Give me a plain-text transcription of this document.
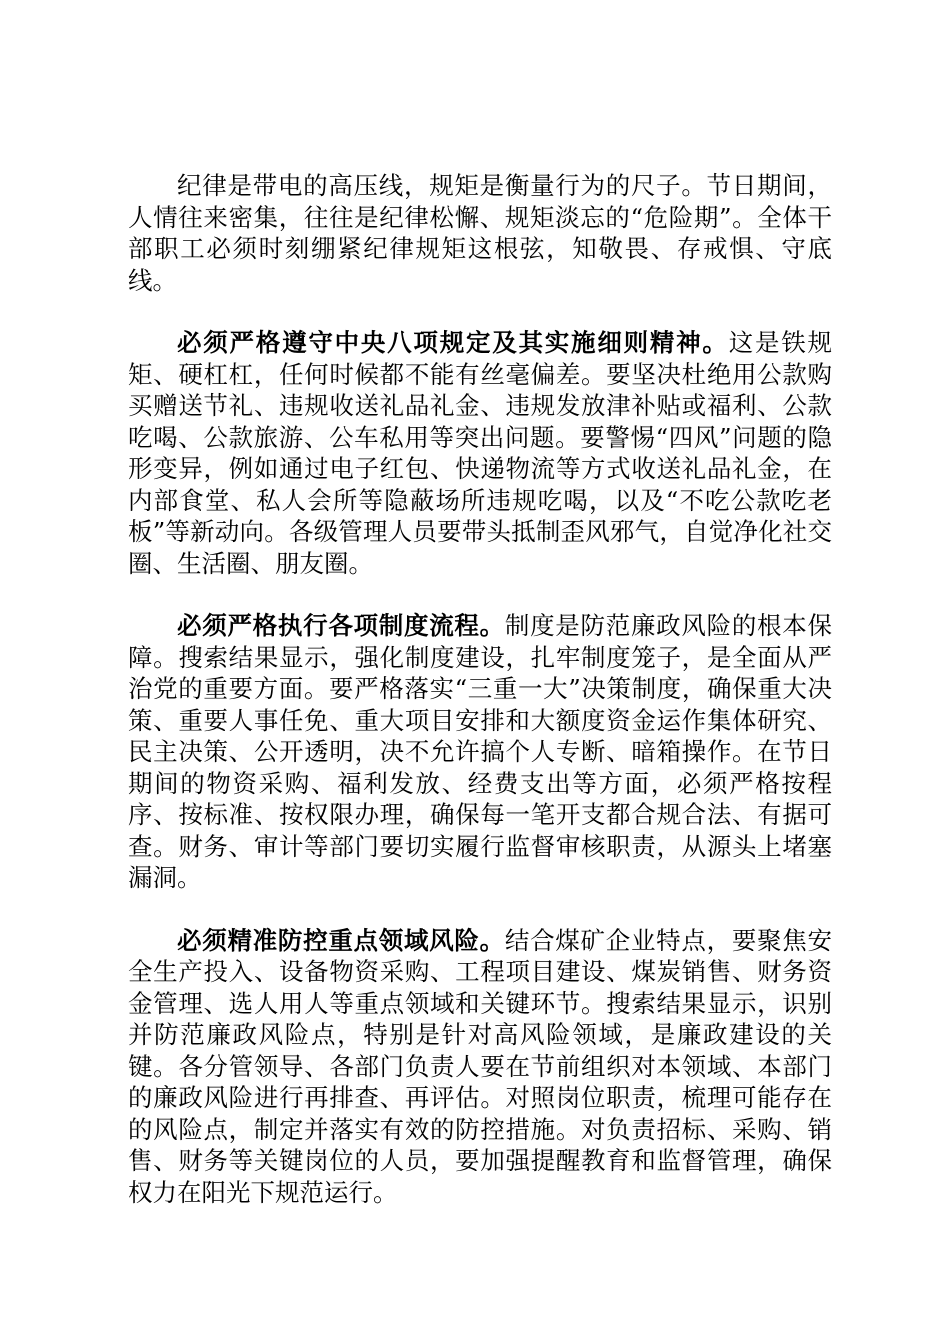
纪律是带电的高压线，规矩是衡量行为的尺子。节日期间，人情往来密集，往往是纪律松懈、规矩淡忘的“危险期”。全体干部职工必须时刻绷紧纪律规矩这根弦，知敬畏、存戒惧、守底线。

必须严格遵守中央八项规定及其实施细则精神。这是铁规矩、硬杠杠，任何时候都不能有丝毫偏差。要坚决杜绝用公款购买赠送节礼、违规收送礼品礼金、违规发放津补贴或福利、公款吃喝、公款旅游、公车私用等突出问题。要警惕“四风”问题的隐形变异，例如通过电子红包、快递物流等方式收送礼品礼金，在内部食堂、私人会所等隐蔽场所违规吃喝，以及“不吃公款吃老板”等新动向。各级管理人员要带头抵制歪风邪气，自觉净化社交圈、生活圈、朋友圈。

必须严格执行各项制度流程。制度是防范廉政风险的根本保障。搜索结果显示，强化制度建设，扎牢制度笼子，是全面从严治党的重要方面。要严格落实“三重一大”决策制度，确保重大决策、重要人事任免、重大项目安排和大额度资金运作集体研究、民主决策、公开透明，决不允许搞个人专断、暗箱操作。在节日期间的物资采购、福利发放、经费支出等方面，必须严格按程序、按标准、按权限办理，确保每一笔开支都合规合法、有据可查。财务、审计等部门要切实履行监督审核职责，从源头上堵塞漏洞。

必须精准防控重点领域风险。结合煤矿企业特点，要聚焦安全生产投入、设备物资采购、工程项目建设、煤炭销售、财务资金管理、选人用人等重点领域和关键环节。搜索结果显示，识别并防范廉政风险点，特别是针对高风险领域，是廉政建设的关键。各分管领导、各部门负责人要在节前组织对本领域、本部门的廉政风险进行再排查、再评估。对照岗位职责，梳理可能存在的风险点，制定并落实有效的防控措施。对负责招标、采购、销售、财务等关键岗位的人员，要加强提醒教育和监督管理，确保权力在阳光下规范运行。
